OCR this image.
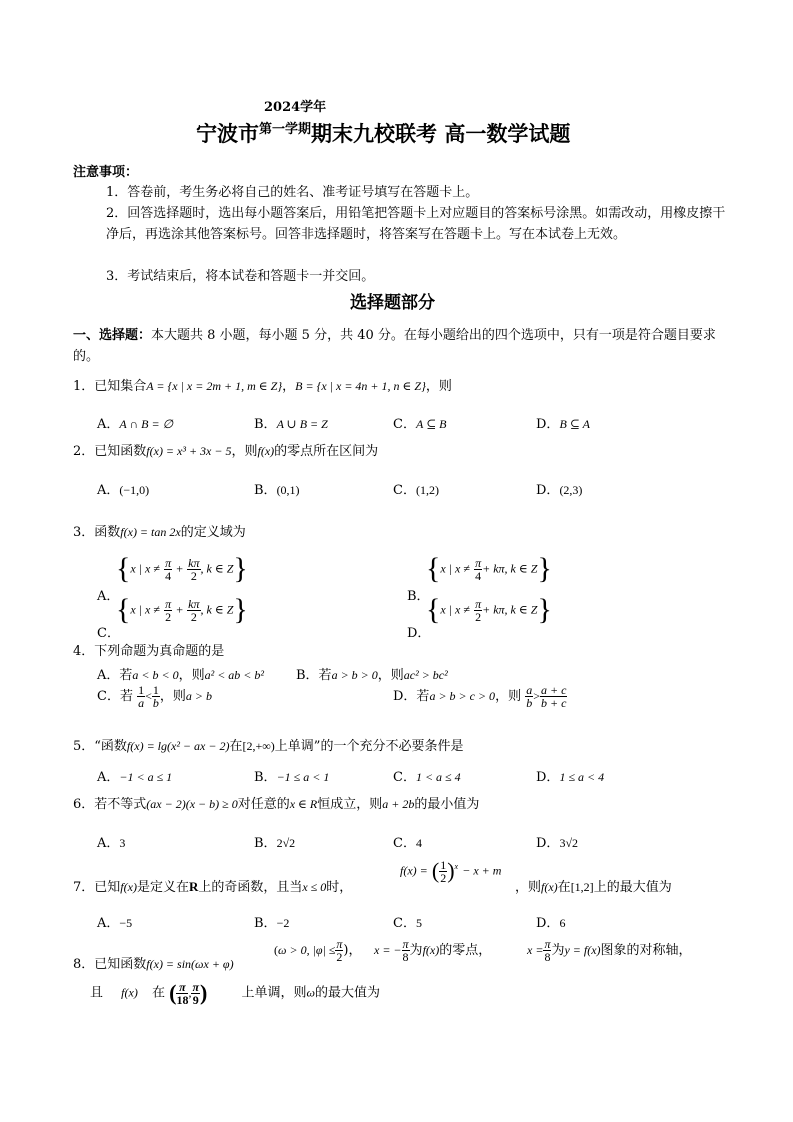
2024学年
宁波市$^{第一学期}$期末九校联考 高一数学试题
注意事项：
1．答卷前，考生务必将自己的姓名、准考证号填写在答题卡上。
2．回答选择题时，选出每小题答案后，用铅笔把答题卡上对应题目的答案标号涂黑。如需改动，用橡皮擦干净后，再选涂其他答案标号。回答非选择题时，将答案写在答题卡上。写在本试卷上无效。
3．考试结束后，将本试卷和答题卡一并交回。
选择题部分
一、选择题：本大题共 8 小题，每小题 5 分，共 40 分。在每小题给出的四个选项中，只有一项是符合题目要求的。
1．已知集合A = {x | x = 2m + 1, m ∈ Z}，B = {x | x = 4n + 1, n ∈ Z}，则
A．A ∩ B = ∅	B．A ∪ B = Z	C．A ⊆ B	D．B ⊆ A
2．已知函数f(x) = x³ + 3x − 5，则f(x)的零点所在区间为
A．(−1,0)	B．(0,1)	C．(1,2)	D．(2,3)
3．函数f(x) = tan 2x的定义域为
A．
{x | $x \ne \frac{\pi}{4} + \frac{k\pi}{2}$ , k ∈ Z}
B．
{x | $x \ne \frac{\pi}{4} + k\pi$, k ∈ Z}
C．
{x | $x \ne \frac{\pi}{2} + \frac{k\pi}{2}$ , k ∈ Z}
D．
{x | $x \ne \frac{\pi}{2} + k\pi$, k ∈ Z}
4．下列命题为真命题的是
A．若a < b < 0，则a² < ab < b² B．若a > b > 0，则ac² > bc²
C．若 $\frac{1}{a} < \frac{1}{b}$ ，则a > b	D．若a > b > c > 0，则 $\frac{a}{b} > \frac{a + c}{b + c}$
5．“函数f(x) = lg(x² − ax − 2)在[2,+∞)上单调”的一个充分不必要条件是
A．−1 < a ≤ 1	B．−1 ≤ a < 1	C．1 < a ≤ 4	D．1 ≤ a < 4
6．若不等式(ax − 2)(x − b) ≥ 0对任意的x ∈ R恒成立，则a + 2b的最小值为
A．3	B．2√2	C．4	D．3√2
7．已知f(x)是定义在R上的奇函数，且当x ≤ 0时，
f(x) = ( $\frac{1}{2} )^x - x + m$
，则f(x)在[1,2]上的最大值为
A．−5	B．−2	C．5	D．6
8．已知函数f(x) = sin(ωx + φ)
(ω > 0, $|\varphi| \le \frac{\pi}{2}$ )， x = − $\frac{\pi}{8}$ 为f(x)的零点，	$x = \frac{\pi}{8}$ 为y = f(x)图象的对称轴，
且 f(x) 在 ( $\frac{\pi}{18}$ , $\frac{\pi}{9}$ )	上单调，则ω的最大值为
